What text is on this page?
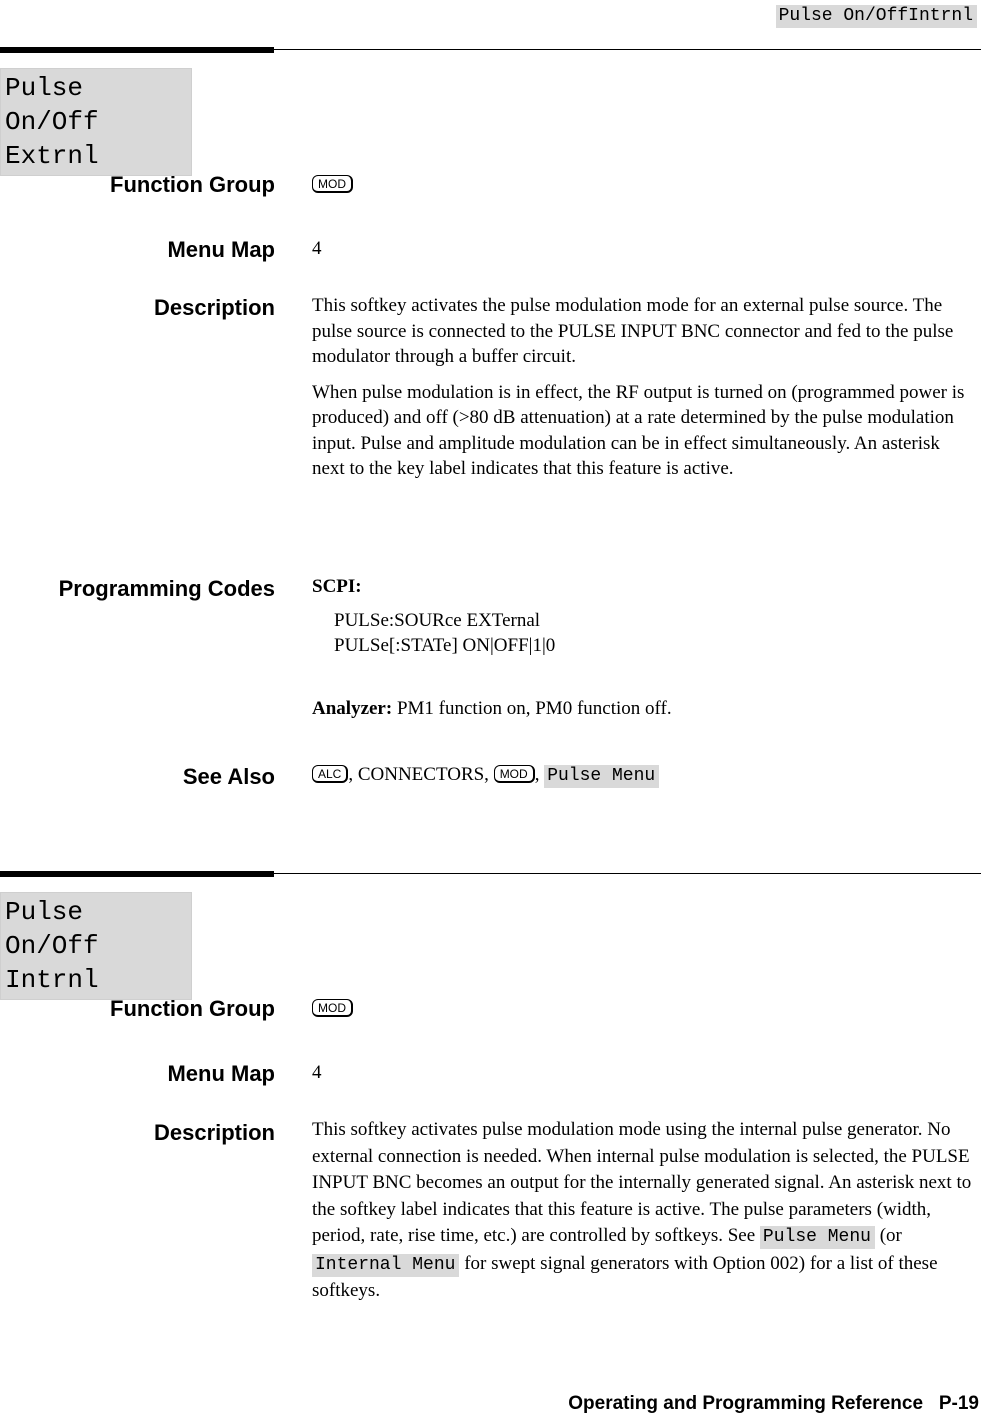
Pulse On/OffIntrnl
Pulse On/Off
Extrnl
Function Group	MOD
Menu Map 4
Description This softkey activates the pulse modulation mode for an external pulse source. The pulse source is connected to the PULSE INPUT BNC connector and fed to the pulse modulator through a buffer circuit.

When pulse modulation is in effect, the RF output is turned on (programmed power is produced) and off (>80 dB attenuation) at a rate determined by the pulse modulation input. Pulse and amplitude modulation can be in effect simultaneously. An asterisk next to the key label indicates that this feature is active.

Programming Codes SCPI:
PULSe:SOURce EXTernal
PULSe[:STATe] ON|OFF|1|0
Analyzer: PM1 function on, PM0 function off.
See Also	ALC , CONNECTORS, MOD , Pulse Menu
Pulse On/Off
Intrnl
Function Group	MOD
Menu Map 4
Description This softkey activates pulse modulation mode using the internal pulse generator. No external connection is needed. When internal pulse modulation is selected, the PULSE INPUT BNC becomes an output for the internally generated signal. An asterisk next to the softkey label indicates that this feature is active. The pulse parameters (width, period, rate, rise time, etc.) are controlled by softkeys. See Pulse Menu (or Internal Menu for swept signal generators with Option 002) for a list of these softkeys.
Operating and Programming Reference P-19
